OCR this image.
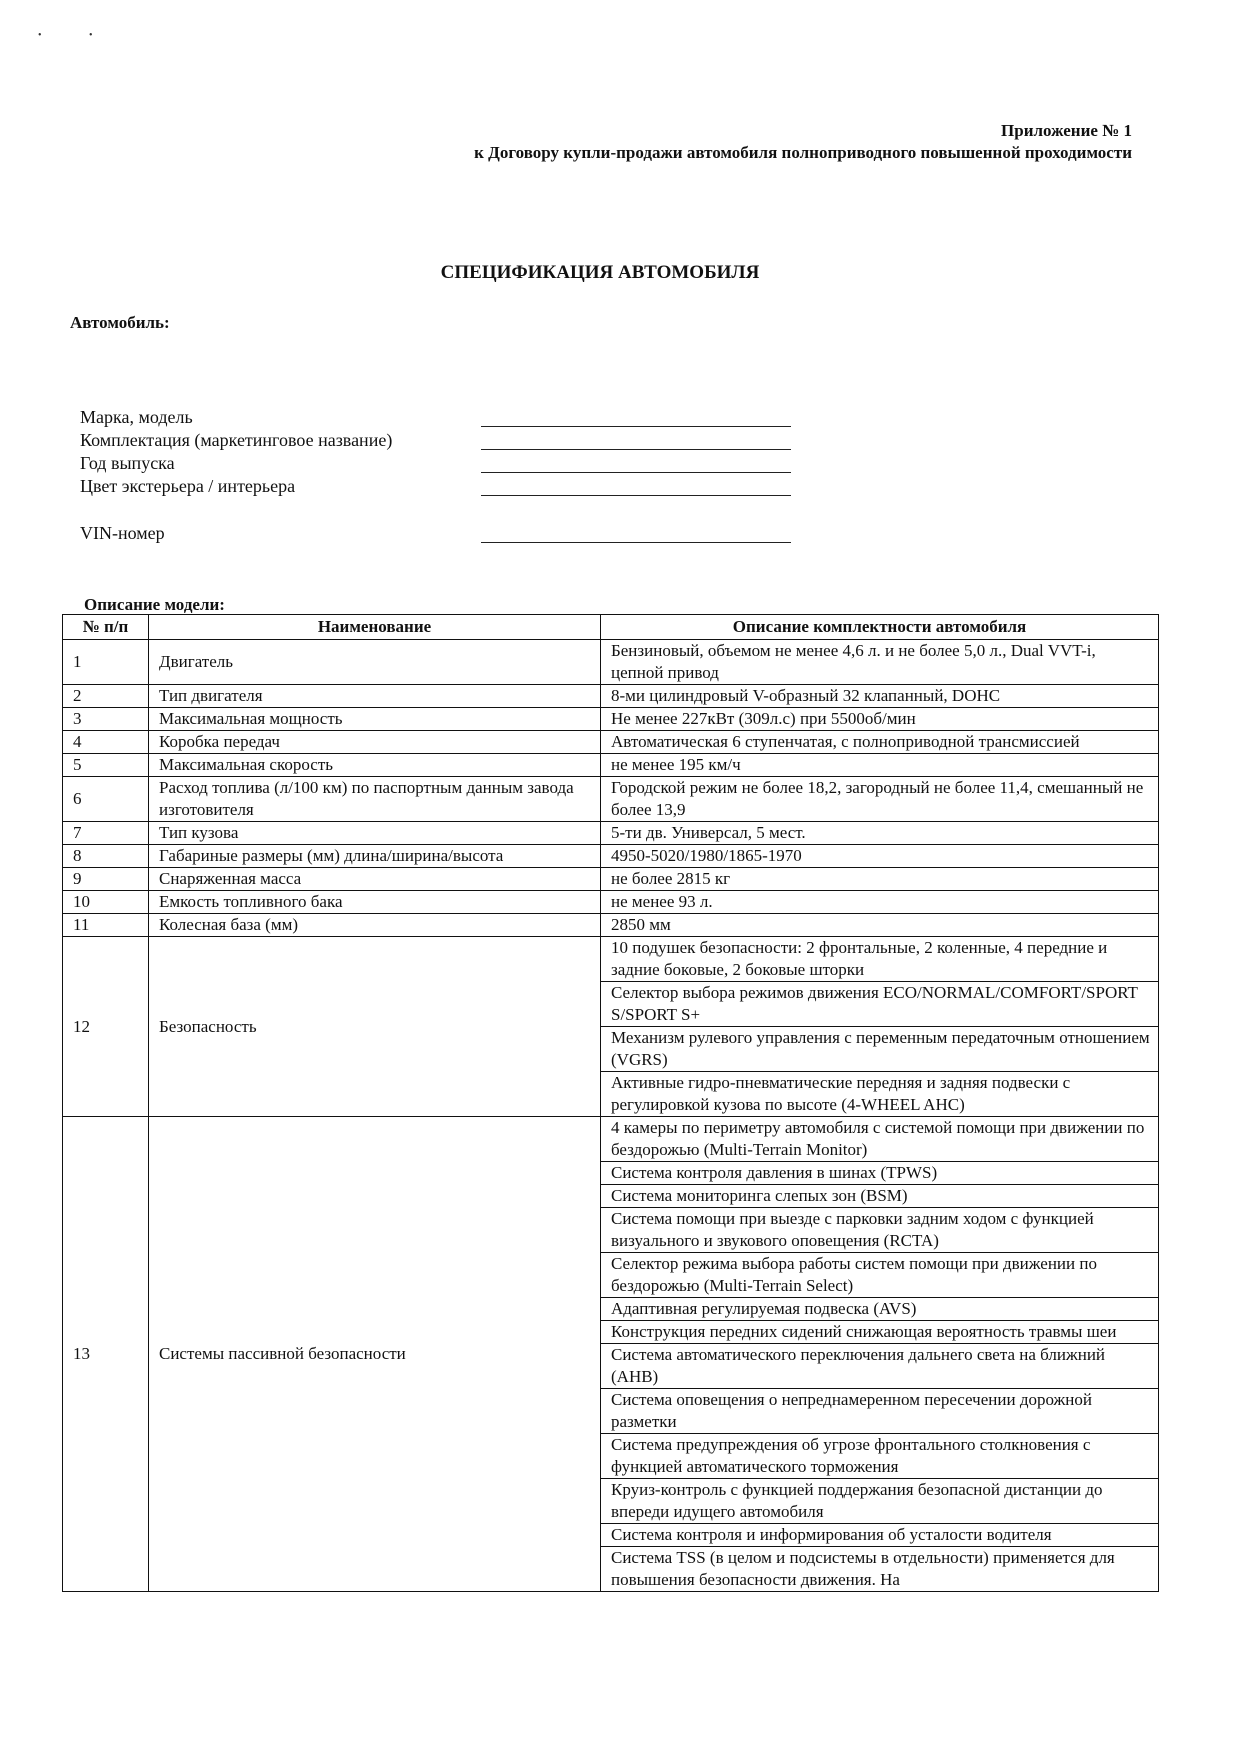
•                   •
Приложение № 1
к Договору купли-продажи автомобиля полноприводного повышенной проходимости
СПЕЦИФИКАЦИЯ АВТОМОБИЛЯ
Автомобиль:
Марка, модель
Комплектация (маркетинговое название)
Год выпуска
Цвет экстерьера / интерьера
VIN-номер
Описание модели:
№ п/п	Наименование	Описание комплектности автомобиля
1	Двигатель	Бензиновый, объемом не менее 4,6 л. и не более 5,0 л., Dual VVT-i, цепной привод
2	Тип двигателя	8-ми цилиндровый V-образный 32 клапанный, DOHC
3	Максимальная мощность	Не менее 227кВт (309л.с) при 5500об/мин
4	Коробка передач	Автоматическая 6 ступенчатая, с полноприводной трансмиссией
5	Максимальная скорость	не менее 195 км/ч
6	Расход топлива (л/100 км) по паспортным данным завода изготовителя	Городской режим не более 18,2, загородный не более 11,4, смешанный не более 13,9
7	Тип кузова	5-ти дв. Универсал, 5 мест.
8	Габариные размеры (мм) длина/ширина/высота	4950-5020/1980/1865-1970
9	Снаряженная масса	не более 2815 кг
10	Емкость топливного бака	не менее 93 л.
11	Колесная база (мм)	2850 мм
12	Безопасность	10 подушек безопасности: 2 фронтальные, 2 коленные, 4 передние и задние боковые, 2 боковые шторки
		Селектор выбора режимов движения ECO/NORMAL/COMFORT/SPORT S/SPORT S+
		Механизм рулевого управления с переменным передаточным отношением (VGRS)
		Активные гидро-пневматические передняя и задняя подвески с регулировкой кузова по высоте (4-WHEEL AHC)
13	Системы пассивной безопасности	4 камеры по периметру автомобиля с системой помощи при движении по бездорожью (Multi-Terrain Monitor)
		Система контроля давления в шинах (TPWS)
		Система мониторинга слепых зон (BSM)
		Система помощи при выезде с парковки задним ходом с функцией визуального и звукового оповещения (RCTA)
		Селектор режима выбора работы систем помощи при движении по бездорожью (Multi-Terrain Select)
		Адаптивная регулируемая подвеска (AVS)
		Конструкция передних сидений снижающая вероятность травмы шеи
		Система автоматического переключения дальнего света на ближний (AHB)
		Система оповещения о непреднамеренном пересечении дорожной разметки
		Система предупреждения об угрозе фронтального столкновения с функцией автоматического торможения
		Круиз-контроль с функцией поддержания безопасной дистанции до впереди идущего автомобиля
		Система контроля и информирования об усталости водителя
		Система TSS (в целом и подсистемы в отдельности) применяется для повышения безопасности движения. На
